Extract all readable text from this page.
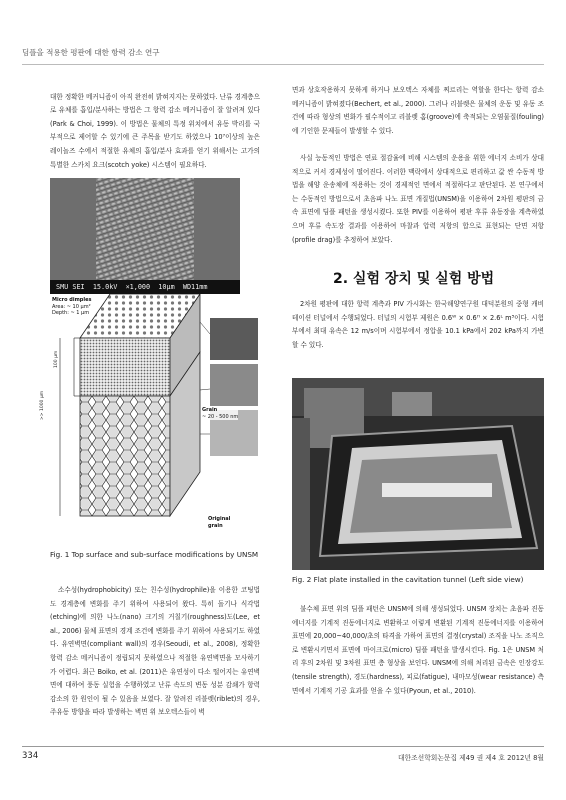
딤플을 적용한 평판에 대한 항력 감소 연구

대한 정확한 메커니즘이 아직 완전히 밝혀지지는 못하였다. 난류 경계층으로 유체를 흡입/분사하는 방법은 그 항력 감소 메커니즘이 잘 알려져 있다(Park & Choi, 1999). 이 방법은 물체의 특정 위치에서 유동 박리를 국부적으로 제어할 수 있기에 큰 주목을 받기도 하였으나 10⁷이상의 높은 레이놀즈 수에서 적절한 유체의 흡입/분사 효과를 얻기 위해서는 고가의 특별한 스카치 요크(scotch yoke) 시스템이 필요하다.

SMU SEI  15.0kV  ×1,000  10μm  WD11mm
Micro dimples
Area: ~ 10 μm²
Depth: ~ 1 μm
100 μm
>> 1000 μm	Grain
~ 20 - 500 nm
Original
grain
Fig. 1 Top surface and sub-surface modifications by UNSM

소수성(hydrophobicity) 또는 친수성(hydrophile)을 이용한 코팅법도 경계층에 변화를 주기 위하여 사용되어 왔다. 특히 돌기나 식각법(etching)에 의한 나노(nano) 크기의 거칠기(roughness)도(Lee, et al., 2006) 물체 표면의 경계 조건에 변화를 주기 위하여 사용되기도 하였다. 유연벽면(compliant wall)의 경우(Seoudi, et al., 2008), 정확한 항력 감소 메커니즘이 정립되지 못하였으나 적절한 유연벽면을 모사하기가 어렵다. 최근 Boiko, et al. (2011)은 유연성이 다소 떨어지는 유연벽면에 대하여 풍동 실험을 수행하였고 난류 속도의 변동 성분 감쇄가 항력 감소의 한 원인이 될 수 있음을 보였다. 잘 알려진 리블렛(riblet)의 경우, 주유동 방향을 따라 발생하는 벽면 위 보오텍스들이 벽

면과 상호작용하지 못하게 하거나 보오텍스 자체를 찌르리는 역할을 한다는 항력 감소 메커니즘이 밝혀졌다(Bechert, et al., 2000). 그러나 리블렛은 물체의 운동 및 유동 조건에 따라 형상의 변화가 필수적이고 리블렛 홈(groove)에 축적되는 오염물질(fouling)에 기인한 문제들이 발생할 수 있다.

사실 능동적인 방법은 연료 절감율에 비해 시스템의 운용을 위한 에너지 소비가 상대적으로 커서 경제성이 떨어진다. 이러한 맥락에서 상대적으로 편리하고 값 싼 수동적 방법을 해양 운송체에 적용하는 것이 경제적인 면에서 적절하다고 판단된다. 본 연구에서는 수동적인 방법으로서 초음파 나노 표면 개질법(UNSM)을 이용하여 2차원 평판의 금속 표면에 딤플 패턴을 생성시켰다. 또한 PIV를 이용하여 평판 후류 유동장을 계측하였으며 후류 속도장 결과를 이용하여 마찰과 압력 저항의 합으로 표현되는 단면 저항(profile drag)를 추정하여 보았다.

2. 실험 장치 및 실험 방법

2차원 평판에 대한 항력 계측과 PIV 가시화는 한국해양연구원 대덕분원의 중형 캐비테이션 터널에서 수행되었다. 터널의 시험부 제원은 0.6ᵂ × 0.6ᴴ × 2.6ᴸ m³이다. 시험부에서 최대 유속은 12 m/s이며 시험부에서 정압을 10.1 kPa에서 202 kPa까지 가변할 수 있다.

Fig. 2 Flat plate installed in the cavitation tunnel (Left side view)

불수체 표면 위의 딤플 패턴은 UNSM에 의해 생성되었다. UNSM 장치는 초음파 진동에너지를 기계적 진동에너지로 변환하고 이렇게 변환된 기계적 진동에너지를 이용하여 표면에 20,000~40,000/초의 타격을 가하여 표면의 결정(crystal) 조직을 나노 조직으로 변환시키면서 표면에 마이크로(micro) 딤플 패턴을 발생시킨다. Fig. 1은 UNSM 처리 후의 2차원 및 3차원 표면 층 형상을 보인다. UNSM에 의해 처리된 금속은 인장강도(tensile strength), 경도(hardness), 피로(fatigue), 내마모성(wear resistance) 측면에서 기계적 기공 효과를 얻을 수 있다(Pyoun, et al., 2010).

334	대한조선학회논문집 제49 권 제4 호 2012년 8월
